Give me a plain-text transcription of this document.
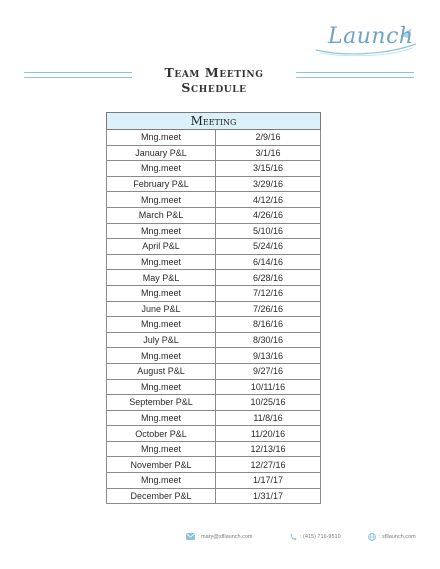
Launch
Team Meeting Schedule
Meeting	
Mng.meet	2/9/16
January P&L	3/1/16
Mng.meet	3/15/16
February P&L	3/29/16
Mng.meet	4/12/16
March P&L	4/26/16
Mng.meet	5/10/16
April P&L	5/24/16
Mng.meet	6/14/16
May P&L	6/28/16
Mng.meet	7/12/16
June P&L	7/26/16
Mng.meet	8/16/16
July P&L	8/30/16
Mng.meet	9/13/16
August P&L	9/27/16
Mng.meet	10/11/16
September P&L	10/25/16
Mng.meet	11/8/16
October P&L	11/20/16
Mng.meet	12/13/16
November P&L	12/27/16
Mng.meet	1/17/17
December P&L	1/31/17
: mary@sfllaunch.com	: (415) 716-9510	: sfllaunch.com
